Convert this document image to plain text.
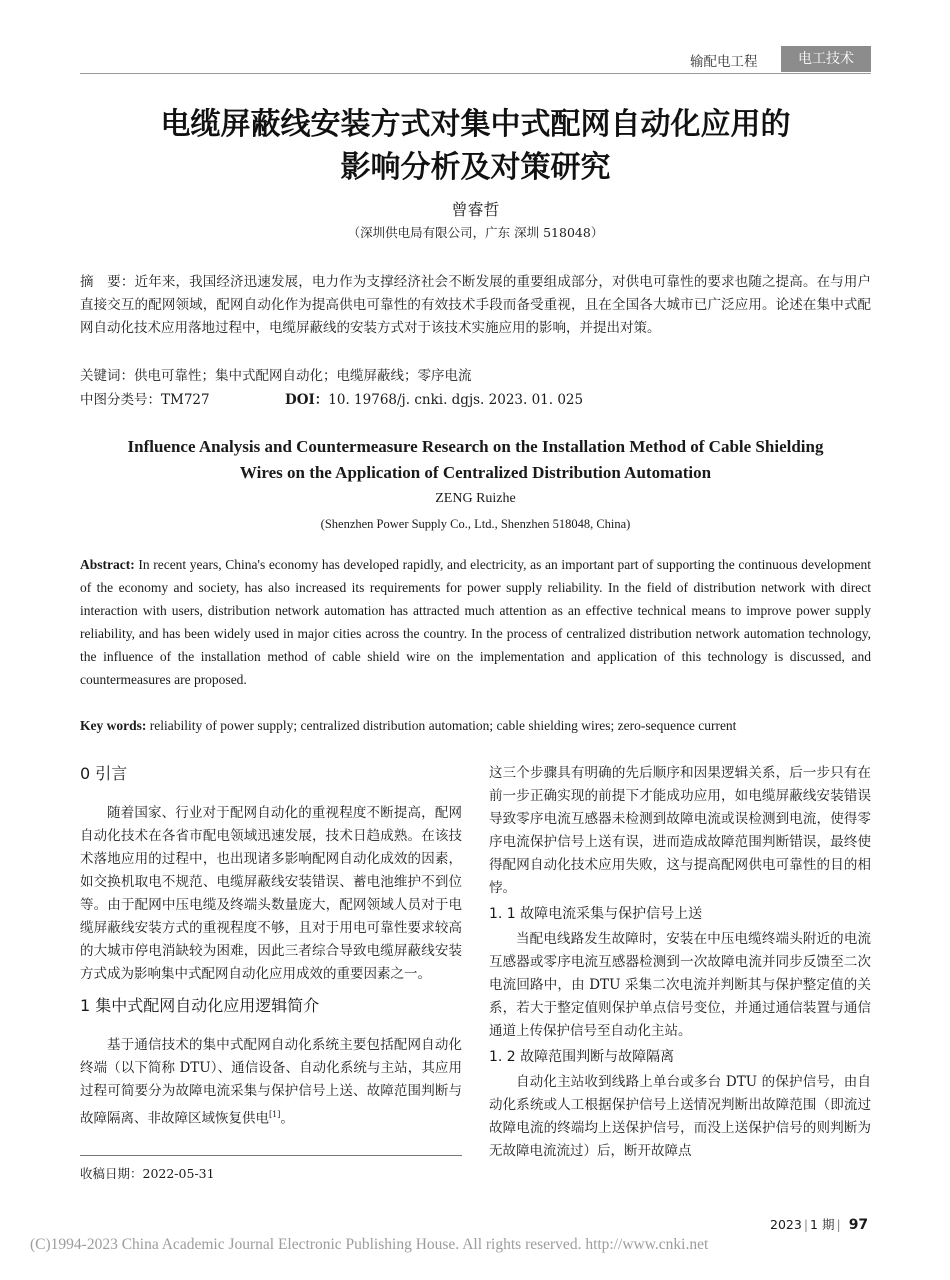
输配电工程	电工技术
电缆屏蔽线安装方式对集中式配网自动化应用的
影响分析及对策研究
曾睿哲
（深圳供电局有限公司，广东 深圳 518048）
摘　要：近年来，我国经济迅速发展，电力作为支撑经济社会不断发展的重要组成部分，对供电可靠性的要求也随之提高。在与用户直接交互的配网领域，配网自动化作为提高供电可靠性的有效技术手段而备受重视，且在全国各大城市已广泛应用。论述在集中式配网自动化技术应用落地过程中，电缆屏蔽线的安装方式对于该技术实施应用的影响，并提出对策。
关键词：供电可靠性；集中式配网自动化；电缆屏蔽线；零序电流
中图分类号：TM727	DOI：10. 19768/j. cnki. dgjs. 2023. 01. 025
Influence Analysis and Countermeasure Research on the Installation Method of Cable Shielding
Wires on the Application of Centralized Distribution Automation
ZENG Ruizhe
(Shenzhen Power Supply Co., Ltd., Shenzhen 518048, China)
Abstract: In recent years, China's economy has developed rapidly, and electricity, as an important part of supporting the continuous development of the economy and society, has also increased its requirements for power supply reliability. In the field of distribution network with direct interaction with users, distribution network automation has attracted much attention as an effective technical means to improve power supply reliability, and has been widely used in major cities across the country. In the process of centralized distribution network automation technology, the influence of the installation method of cable shield wire on the implementation and application of this technology is discussed, and countermeasures are proposed.
Key words: reliability of power supply; centralized distribution automation; cable shielding wires; zero-sequence current
0 引言

随着国家、行业对于配网自动化的重视程度不断提高，配网自动化技术在各省市配电领域迅速发展，技术日趋成熟。在该技术落地应用的过程中，也出现诸多影响配网自动化成效的因素，如交换机取电不规范、电缆屏蔽线安装错误、蓄电池维护不到位等。由于配网中压电缆及终端头数量庞大，配网领域人员对于电缆屏蔽线安装方式的重视程度不够，且对于用电可靠性要求较高的大城市停电消缺较为困难，因此三者综合导致电缆屏蔽线安装方式成为影响集中式配网自动化应用成效的重要因素之一。

1 集中式配网自动化应用逻辑简介

基于通信技术的集中式配网自动化系统主要包括配网自动化终端（以下简称 DTU）、通信设备、自动化系统与主站，其应用过程可简要分为故障电流采集与保护信号上送、故障范围判断与故障隔离、非故障区域恢复供电[1]。

这三个步骤具有明确的先后顺序和因果逻辑关系，后一步只有在前一步正确实现的前提下才能成功应用，如电缆屏蔽线安装错误导致零序电流互感器未检测到故障电流或误检测到电流，使得零序电流保护信号上送有误，进而造成故障范围判断错误，最终使得配网自动化技术应用失败，这与提高配网供电可靠性的目的相悖。

1. 1 故障电流采集与保护信号上送

当配电线路发生故障时，安装在中压电缆终端头附近的电流互感器或零序电流互感器检测到一次故障电流并同步反馈至二次电流回路中，由 DTU 采集二次电流并判断其与保护整定值的关系，若大于整定值则保护单点信号变位，并通过通信装置与通信通道上传保护信号至自动化主站。

1. 2 故障范围判断与故障隔离

自动化主站收到线路上单台或多台 DTU 的保护信号，由自动化系统或人工根据保护信号上送情况判断出故障范围（即流过故障电流的终端均上送保护信号，而没上送保护信号的则判断为无故障电流流过）后，断开故障点

收稿日期：2022-05-31
2023 | 1 期 | 97
(C)1994-2023 China Academic Journal Electronic Publishing House. All rights reserved. http://www.cnki.net
